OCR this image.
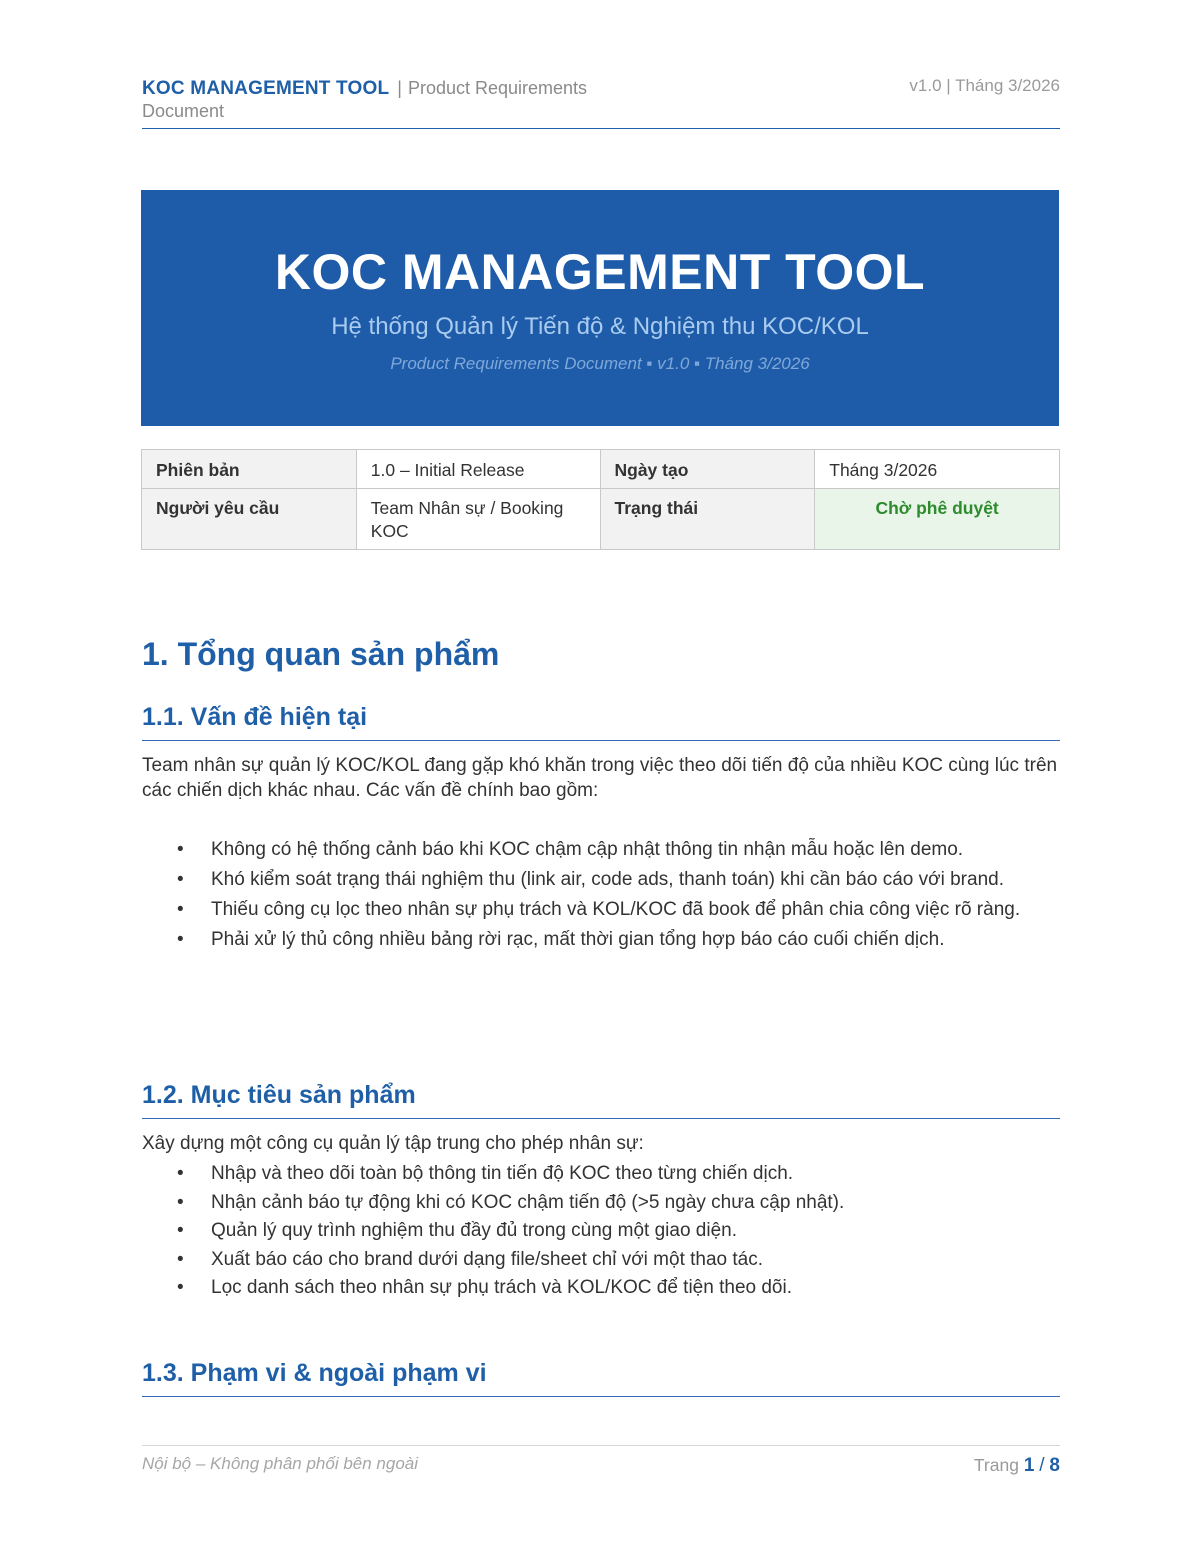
KOC MANAGEMENT TOOL | Product Requirements Document
v1.0 | Tháng 3/2026
KOC MANAGEMENT TOOL
Hệ thống Quản lý Tiến độ & Nghiệm thu KOC/KOL
Product Requirements Document ▪ v1.0 ▪ Tháng 3/2026
Phiên bản	1.0 – Initial Release	Ngày tạo	Tháng 3/2026
Người yêu cầu	Team Nhân sự / Booking KOC	Trạng thái	Chờ phê duyệt
1. Tổng quan sản phẩm
1.1. Vấn đề hiện tại
Team nhân sự quản lý KOC/KOL đang gặp khó khăn trong việc theo dõi tiến độ của nhiều KOC cùng lúc trên các chiến dịch khác nhau. Các vấn đề chính bao gồm:
• Không có hệ thống cảnh báo khi KOC chậm cập nhật thông tin nhận mẫu hoặc lên demo.
• Khó kiểm soát trạng thái nghiệm thu (link air, code ads, thanh toán) khi cần báo cáo với brand.
• Thiếu công cụ lọc theo nhân sự phụ trách và KOL/KOC đã book để phân chia công việc rõ ràng.
• Phải xử lý thủ công nhiều bảng rời rạc, mất thời gian tổng hợp báo cáo cuối chiến dịch.
1.2. Mục tiêu sản phẩm
Xây dựng một công cụ quản lý tập trung cho phép nhân sự:
• Nhập và theo dõi toàn bộ thông tin tiến độ KOC theo từng chiến dịch.
• Nhận cảnh báo tự động khi có KOC chậm tiến độ (>5 ngày chưa cập nhật).
• Quản lý quy trình nghiệm thu đầy đủ trong cùng một giao diện.
• Xuất báo cáo cho brand dưới dạng file/sheet chỉ với một thao tác.
• Lọc danh sách theo nhân sự phụ trách và KOL/KOC để tiện theo dõi.
1.3. Phạm vi & ngoài phạm vi
Nội bộ – Không phân phối bên ngoài	Trang 1 / 8
